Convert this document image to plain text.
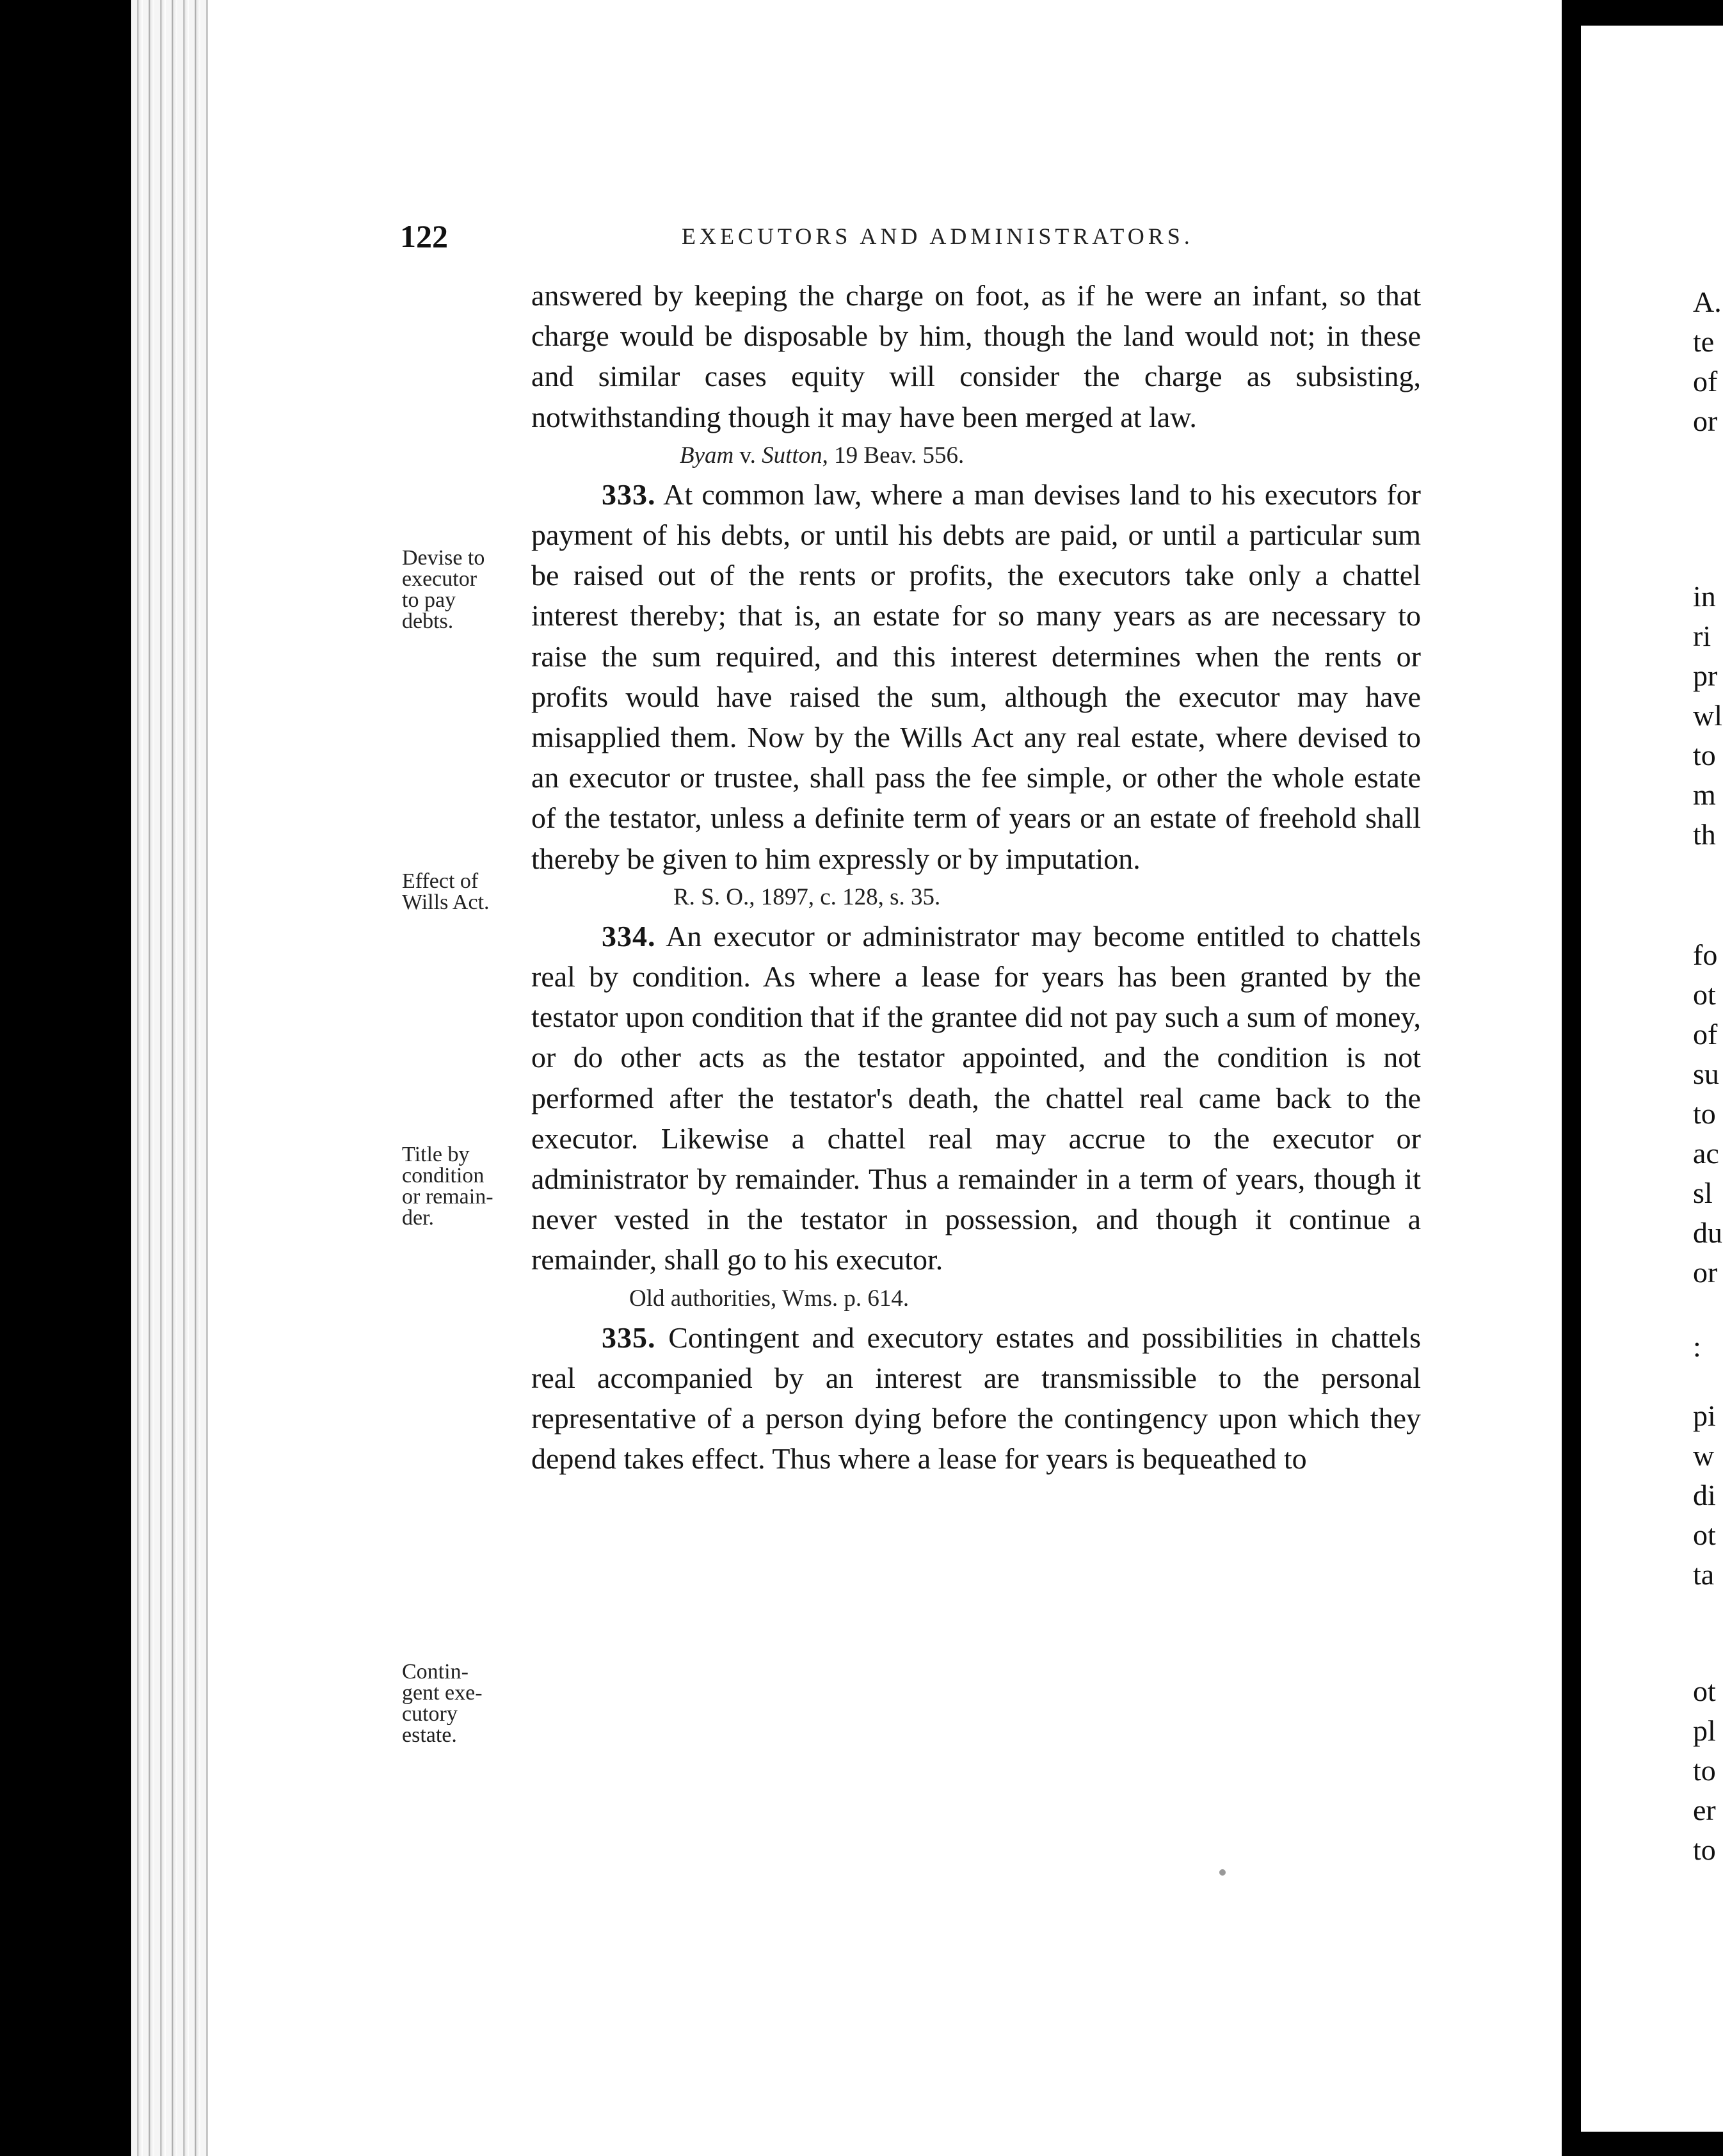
A.
te
of
or
in
ri
pr
wl
to
m
th
fo
ot
of
su
to
ac
sl
du
or
:
pi
w
di
ot
ta
ot
pl
to
er
to
122	EXECUTORS AND ADMINISTRATORS.
Devise to
executor
to pay
debts.
Effect of
Wills Act.
Title by
condition
or remain-
der.
Contin-
gent exe-
cutory
estate.

answered by keeping the charge on foot, as if he were an infant, so that charge would be disposable by him, though the land would not; in these and similar cases equity will consider the charge as subsisting, notwithstanding though it may have been merged at law.

Byam v. Sutton, 19 Beav. 556.

333. At common law, where a man devises land to his executors for payment of his debts, or until his debts are paid, or until a particular sum be raised out of the rents or profits, the executors take only a chattel interest thereby; that is, an estate for so many years as are necessary to raise the sum required, and this interest determines when the rents or profits would have raised the sum, although the executor may have misapplied them. Now by the Wills Act any real estate, where devised to an executor or trustee, shall pass the fee simple, or other the whole estate of the testator, unless a definite term of years or an estate of freehold shall thereby be given to him expressly or by imputation.

R. S. O., 1897, c. 128, s. 35.

334. An executor or administrator may become entitled to chattels real by condition. As where a lease for years has been granted by the testator upon condition that if the grantee did not pay such a sum of money, or do other acts as the testator appointed, and the condition is not performed after the testator's death, the chattel real came back to the executor. Likewise a chattel real may accrue to the executor or administrator by remainder. Thus a remainder in a term of years, though it never vested in the testator in possession, and though it continue a remainder, shall go to his executor.

Old authorities, Wms. p. 614.

335. Contingent and executory estates and possibilities in chattels real accompanied by an interest are transmissible to the personal representative of a person dying before the contingency upon which they depend takes effect. Thus where a lease for years is bequeathed to
